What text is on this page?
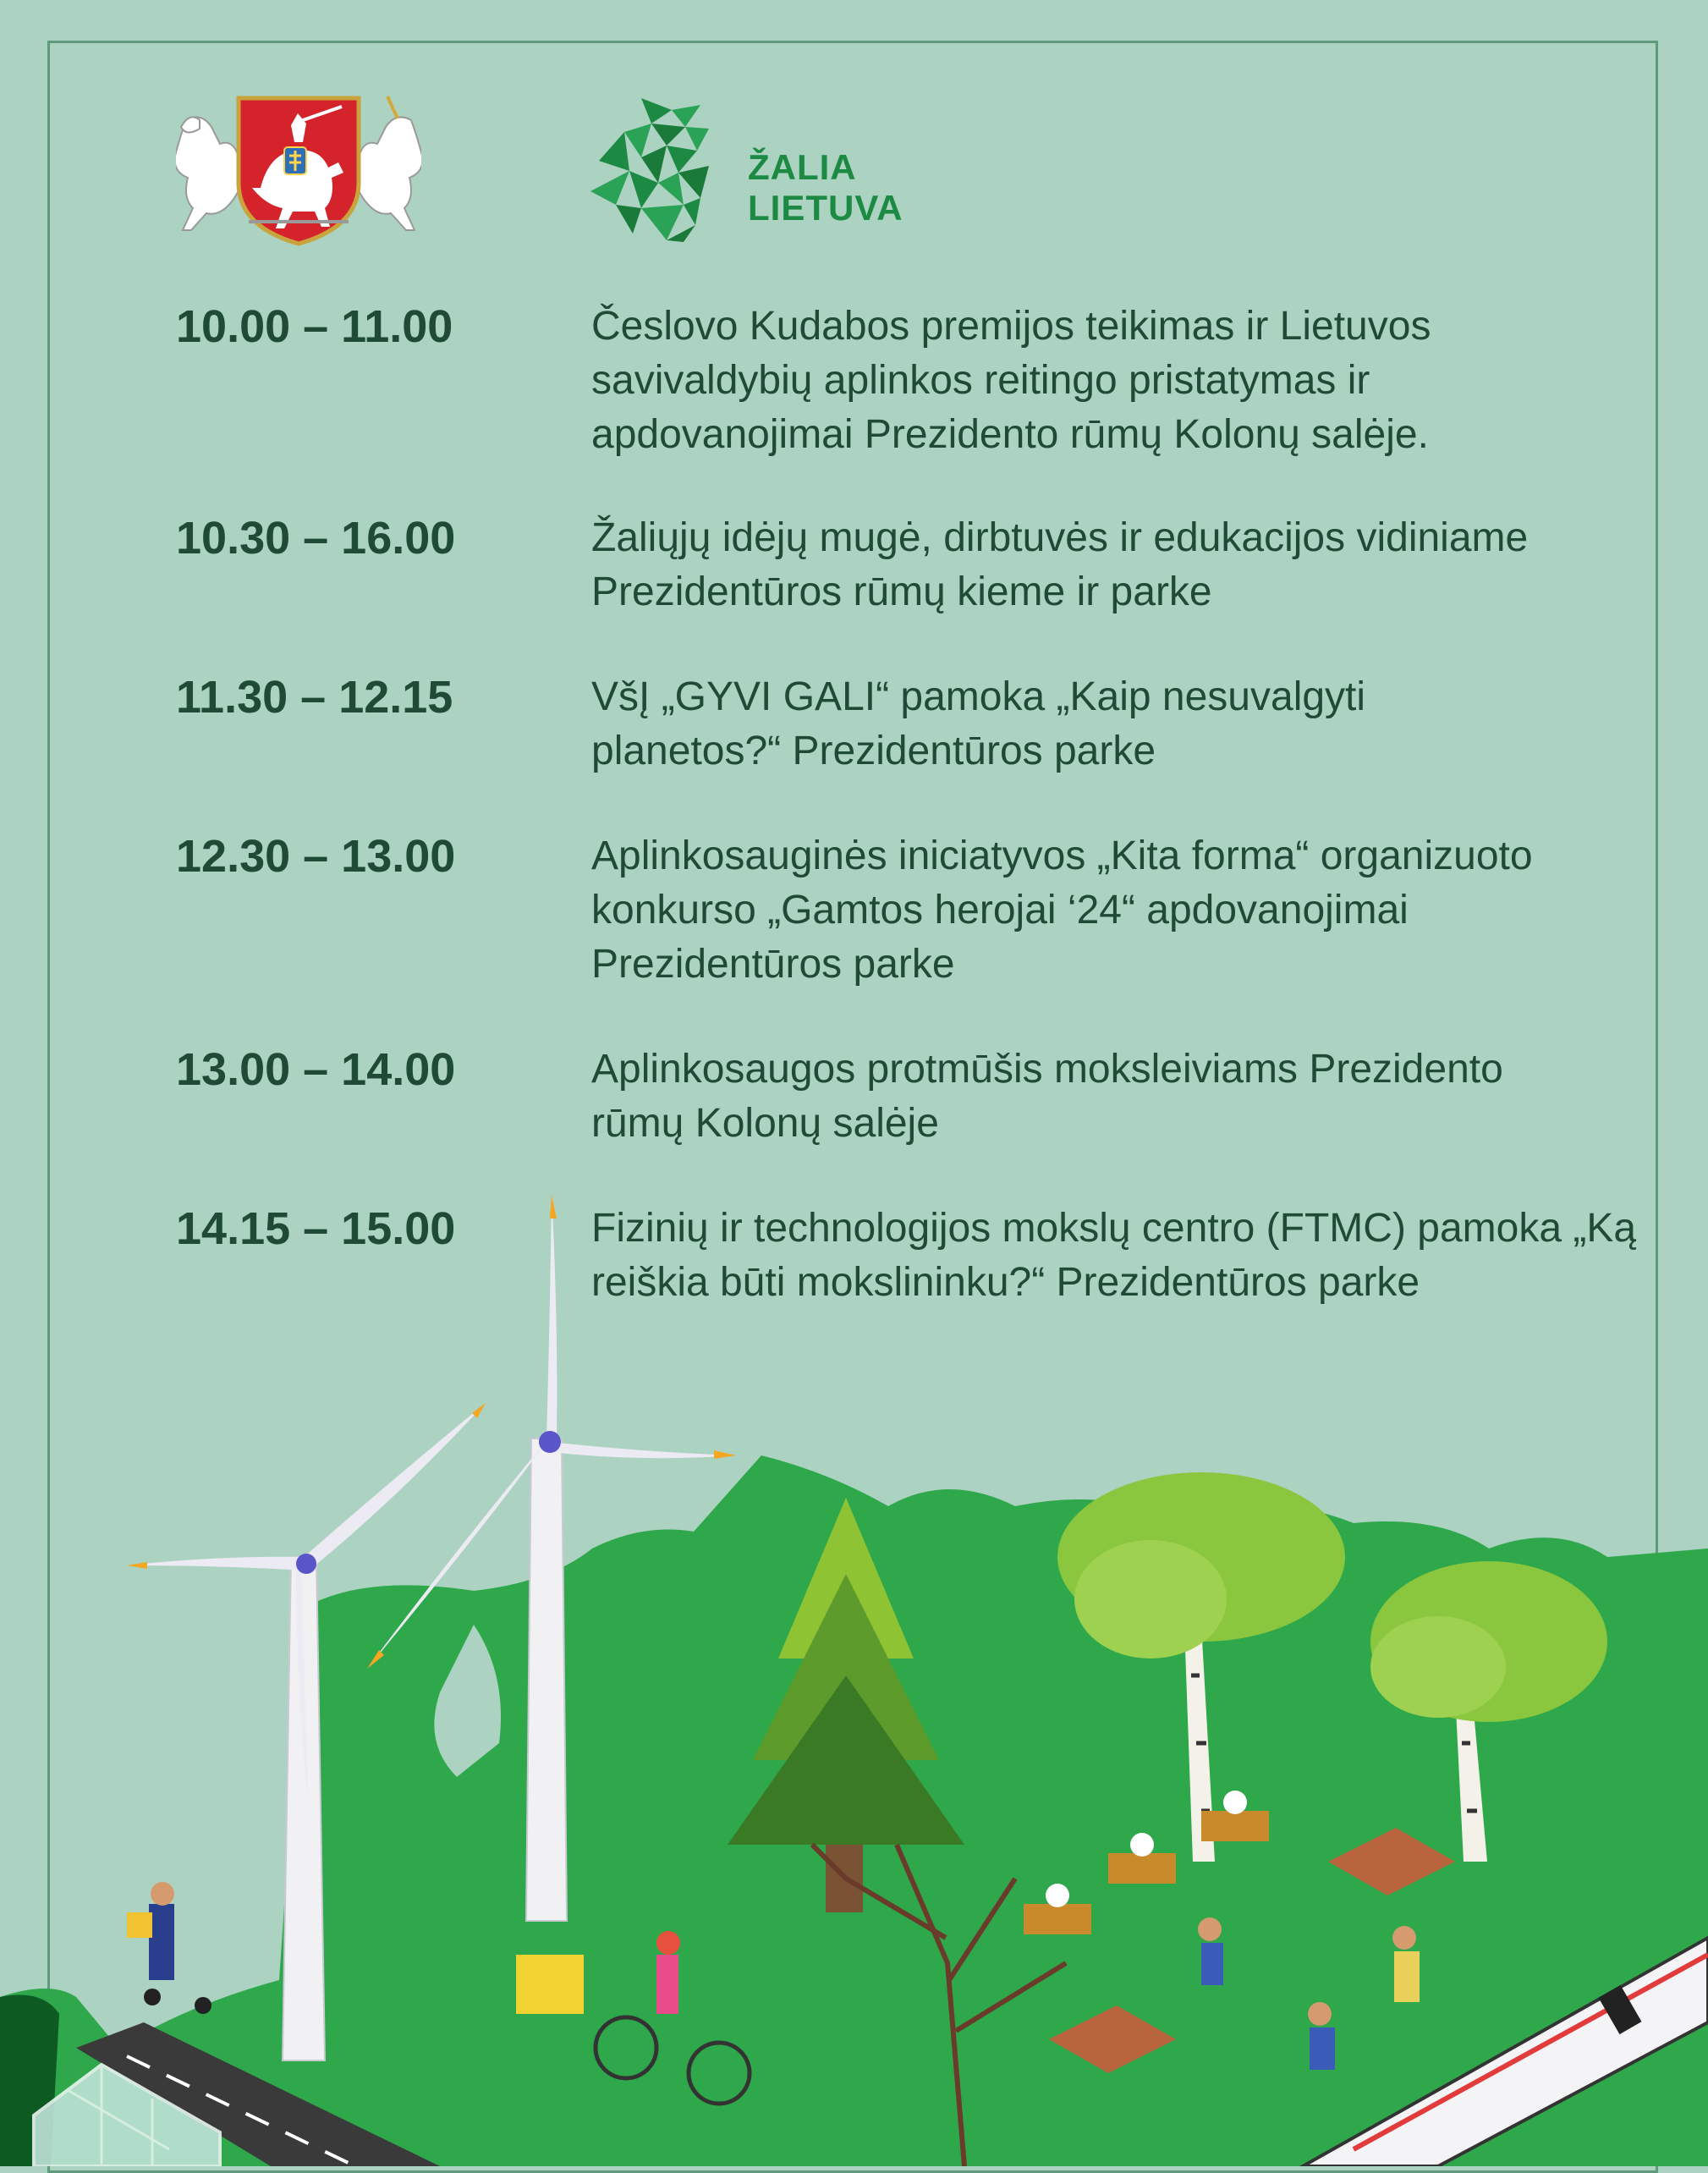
ŽALIA
LIETUVA
10.00 – 11.00	Česlovo Kudabos premijos teikimas ir Lietuvos savivaldybių aplinkos reitingo pristatymas ir apdovanojimai Prezidento rūmų Kolonų salėje.
10.30 – 16.00	Žaliųjų idėjų mugė, dirbtuvės ir edukacijos vidiniame Prezidentūros rūmų kieme ir parke
11.30 – 12.15	VšĮ „GYVI GALI“ pamoka „Kaip nesuvalgyti planetos?“ Prezidentūros parke
12.30 – 13.00	Aplinkosauginės iniciatyvos „Kita forma“ organizuoto konkurso „Gamtos herojai ‘24“ apdovanojimai Prezidentūros parke
13.00 – 14.00	Aplinkosaugos protmūšis moksleiviams Prezidento rūmų Kolonų salėje
14.15 – 15.00	Fizinių ir technologijos mokslų centro (FTMC) pamoka „Ką reiškia būti mokslininku?“ Prezidentūros parke
